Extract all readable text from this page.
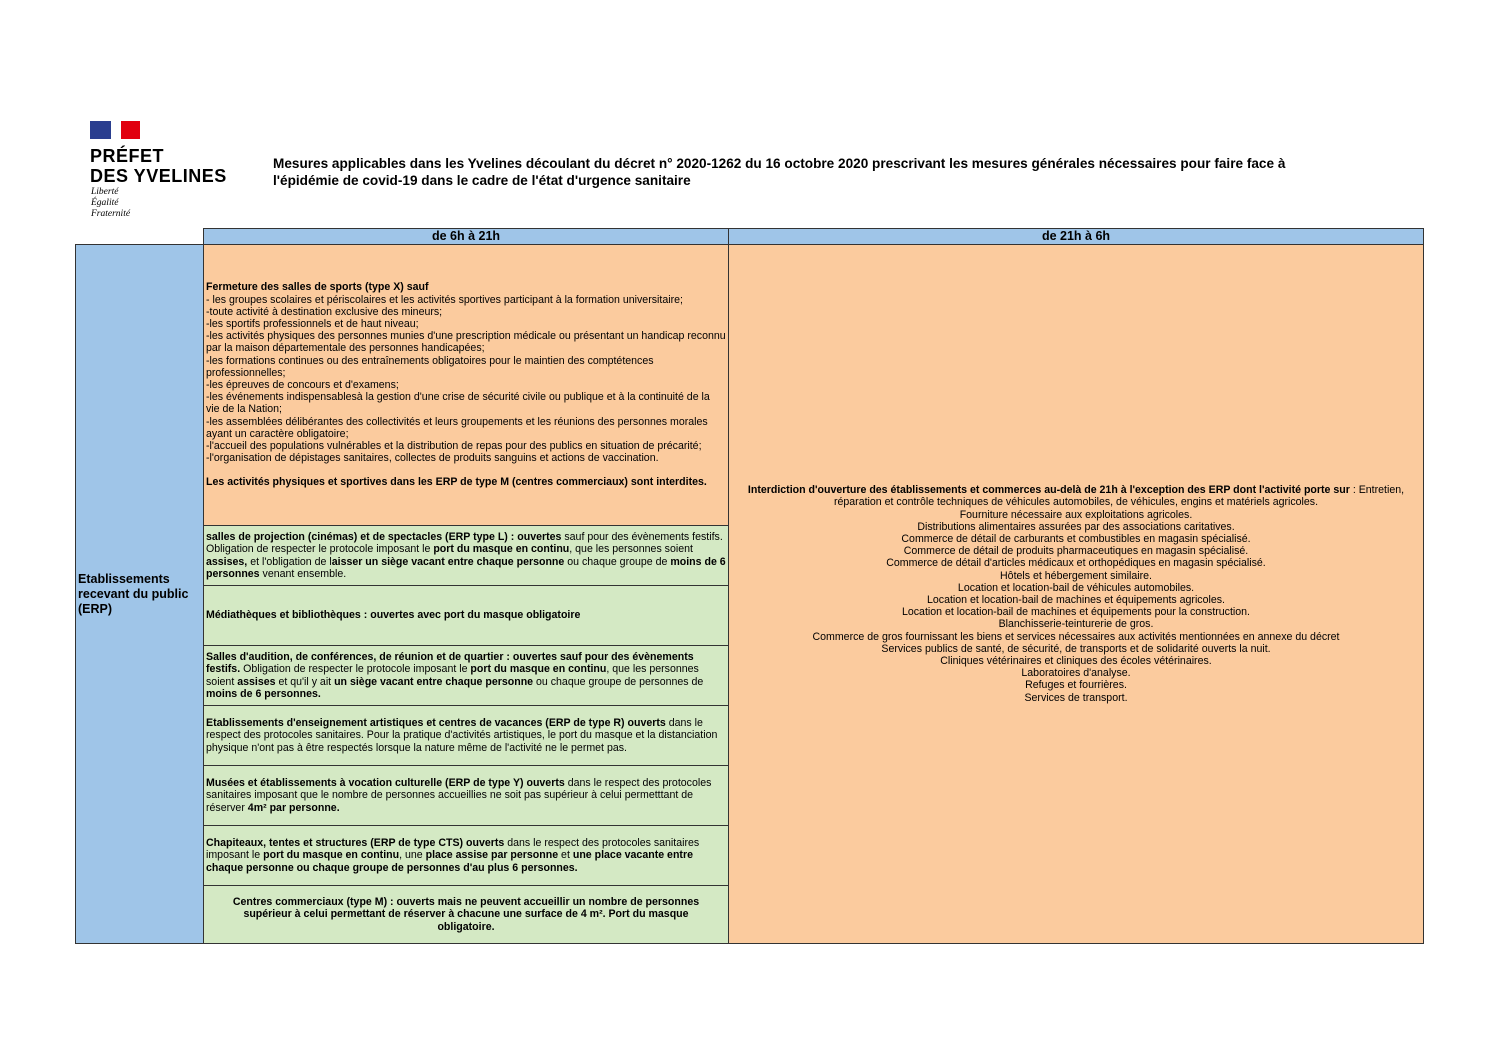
PRÉFET
DES YVELINES
Liberté
Égalité
Fraternité
Mesures applicables dans les Yvelines découlant du décret n° 2020-1262 du 16 octobre 2020 prescrivant les mesures générales nécessaires pour faire face à
l'épidémie de covid-19 dans le cadre de l'état d'urgence sanitaire
de 6h à 21h	de 21h à 6h
Etablissements
recevant du public
(ERP)

Fermeture des salles de sports (type X) sauf

- les groupes scolaires et périscolaires et les activités sportives participant à la formation universitaire;

-toute activité à destination exclusive des mineurs;

-les sportifs professionnels et de haut niveau;

-les activités physiques des personnes munies d'une prescription médicale ou présentant un handicap reconnu par la maison départementale des personnes handicapées;

-les formations continues ou des entraînements obligatoires pour le maintien des comptétences professionnelles;

-les épreuves de concours et d'examens;

-les événements indispensablesà la gestion d'une crise de sécurité civile ou publique et à la continuité de la vie de la Nation;

-les assemblées délibérantes des collectivités et leurs groupements et les réunions des personnes morales ayant un caractère obligatoire;

-l'accueil des populations vulnérables et la distribution de repas pour des publics en situation de précarité;

-l'organisation de dépistages sanitaires, collectes de produits sanguins et actions de vaccination.

Les activités physiques et sportives dans les ERP de type M (centres commerciaux) sont interdites.

salles de projection (cinémas) et de spectacles (ERP type L) : ouvertes sauf pour des évènements festifs. Obligation de respecter le protocole imposant le port du masque en continu, que les personnes soient assises, et l'obligation de laisser un siège vacant entre chaque personne ou chaque groupe de moins de 6 personnes venant ensemble.

Médiathèques et bibliothèques : ouvertes avec port du masque obligatoire

Salles d'audition, de conférences, de réunion et de quartier : ouvertes sauf pour des évènements festifs. Obligation de respecter le protocole imposant le port du masque en continu, que les personnes soient assises et qu'il y ait un siège vacant entre chaque personne ou chaque groupe de personnes de moins de 6 personnes.

Etablissements d'enseignement artistiques et centres de vacances (ERP de type R) ouverts dans le respect des protocoles sanitaires. Pour la pratique d'activités artistiques, le port du masque et la distanciation physique n'ont pas à être respectés lorsque la nature même de l'activité ne le permet pas.

Musées et établissements à vocation culturelle (ERP de type Y) ouverts dans le respect des protocoles sanitaires imposant que le nombre de personnes accueillies ne soit pas supérieur à celui permetttant de réserver 4m² par personne.

Chapiteaux, tentes et structures (ERP de type CTS) ouverts dans le respect des protocoles sanitaires imposant le port du masque en continu, une place assise par personne et une place vacante entre chaque personne ou chaque groupe de personnes d'au plus 6 personnes.

Centres commerciaux (type M) : ouverts mais ne peuvent accueillir un nombre de personnes supérieur à celui permettant de réserver à chacune une surface de 4 m². Port du masque obligatoire.

Interdiction d'ouverture des établissements et commerces au-delà de 21h à l'exception des ERP dont l'activité porte sur : Entretien, réparation et contrôle techniques de véhicules automobiles, de véhicules, engins et matériels agricoles.

Fourniture nécessaire aux exploitations agricoles.

Distributions alimentaires assurées par des associations caritatives.

Commerce de détail de carburants et combustibles en magasin spécialisé.

Commerce de détail de produits pharmaceutiques en magasin spécialisé.

Commerce de détail d'articles médicaux et orthopédiques en magasin spécialisé.

Hôtels et hébergement similaire.

Location et location-bail de véhicules automobiles.

Location et location-bail de machines et équipements agricoles.

Location et location-bail de machines et équipements pour la construction.

Blanchisserie-teinturerie de gros.

Commerce de gros fournissant les biens et services nécessaires aux activités mentionnées en annexe du décret

Services publics de santé, de sécurité, de transports et de solidarité ouverts la nuit.

Cliniques vétérinaires et cliniques des écoles vétérinaires.

Laboratoires d'analyse.

Refuges et fourrières.

Services de transport.
